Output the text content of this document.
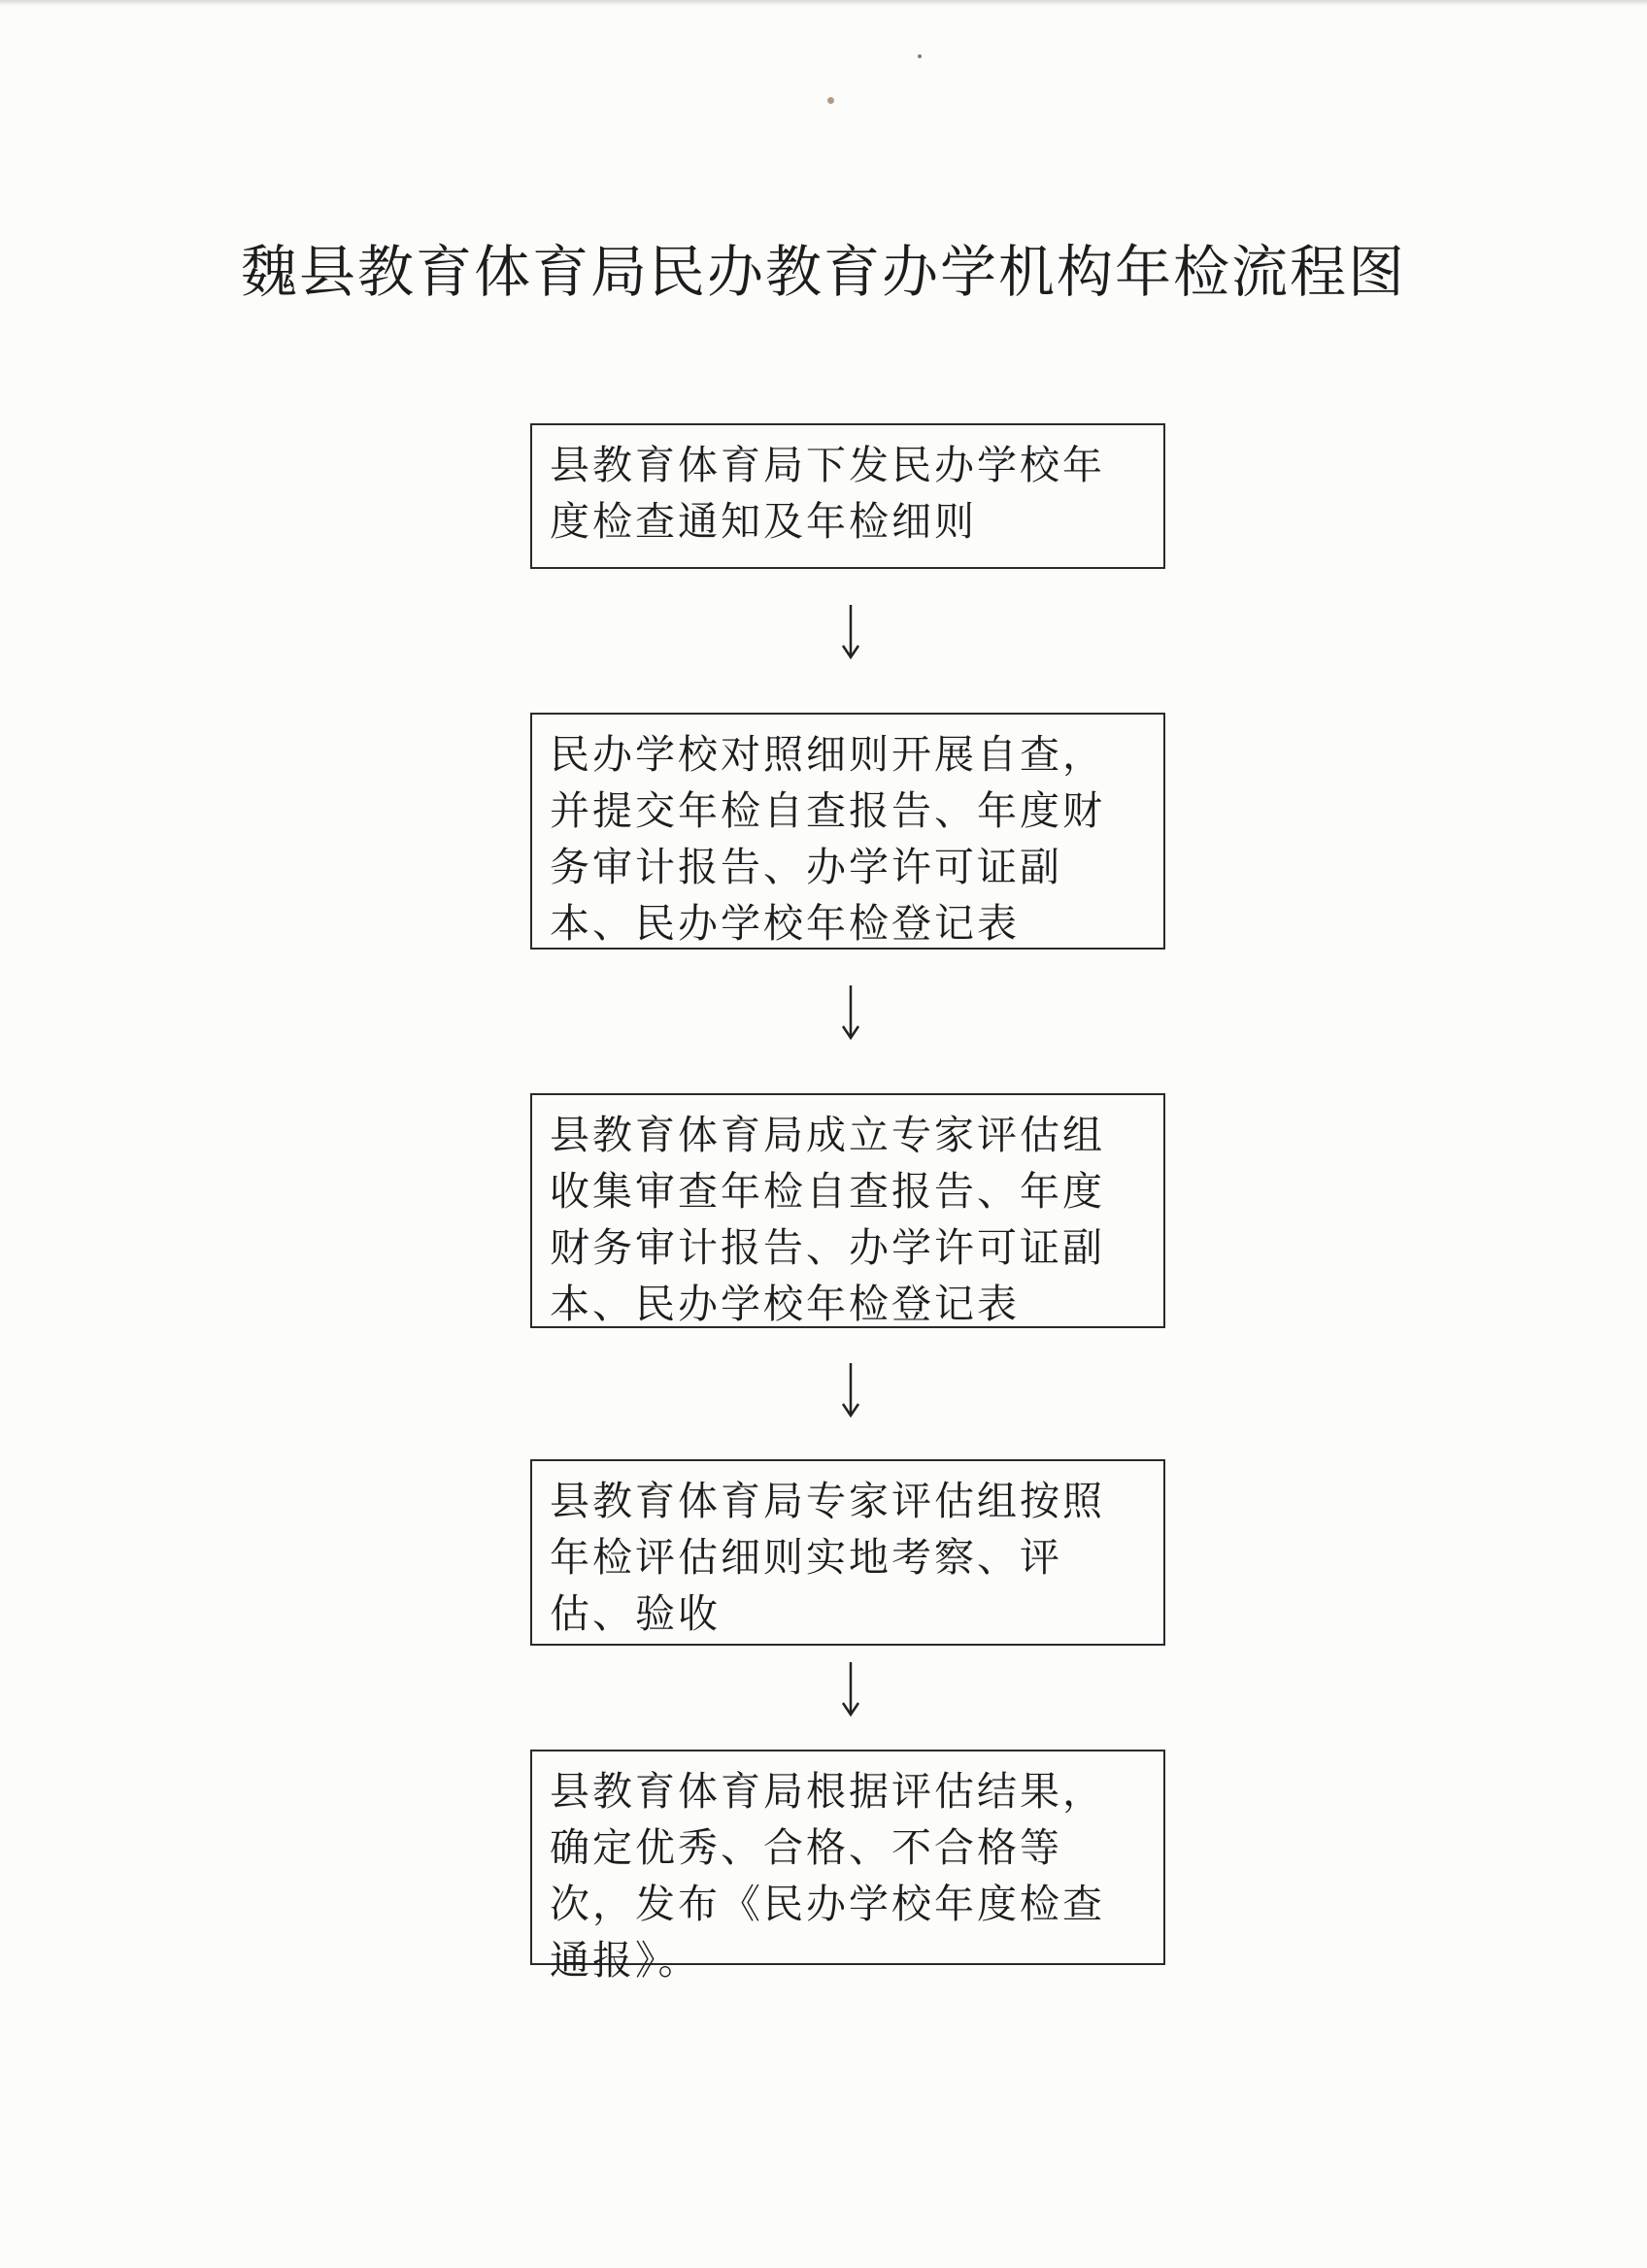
魏县教育体育局民办教育办学机构年检流程图
县教育体育局下发民办学校年度检查通知及年检细则
民办学校对照细则开展自查，并提交年检自查报告、年度财务审计报告、办学许可证副本、民办学校年检登记表
县教育体育局成立专家评估组收集审查年检自查报告、年度财务审计报告、办学许可证副本、民办学校年检登记表
县教育体育局专家评估组按照年检评估细则实地考察、评估、验收
县教育体育局根据评估结果，确定优秀、合格、不合格等次，发布《民办学校年度检查通报》。
